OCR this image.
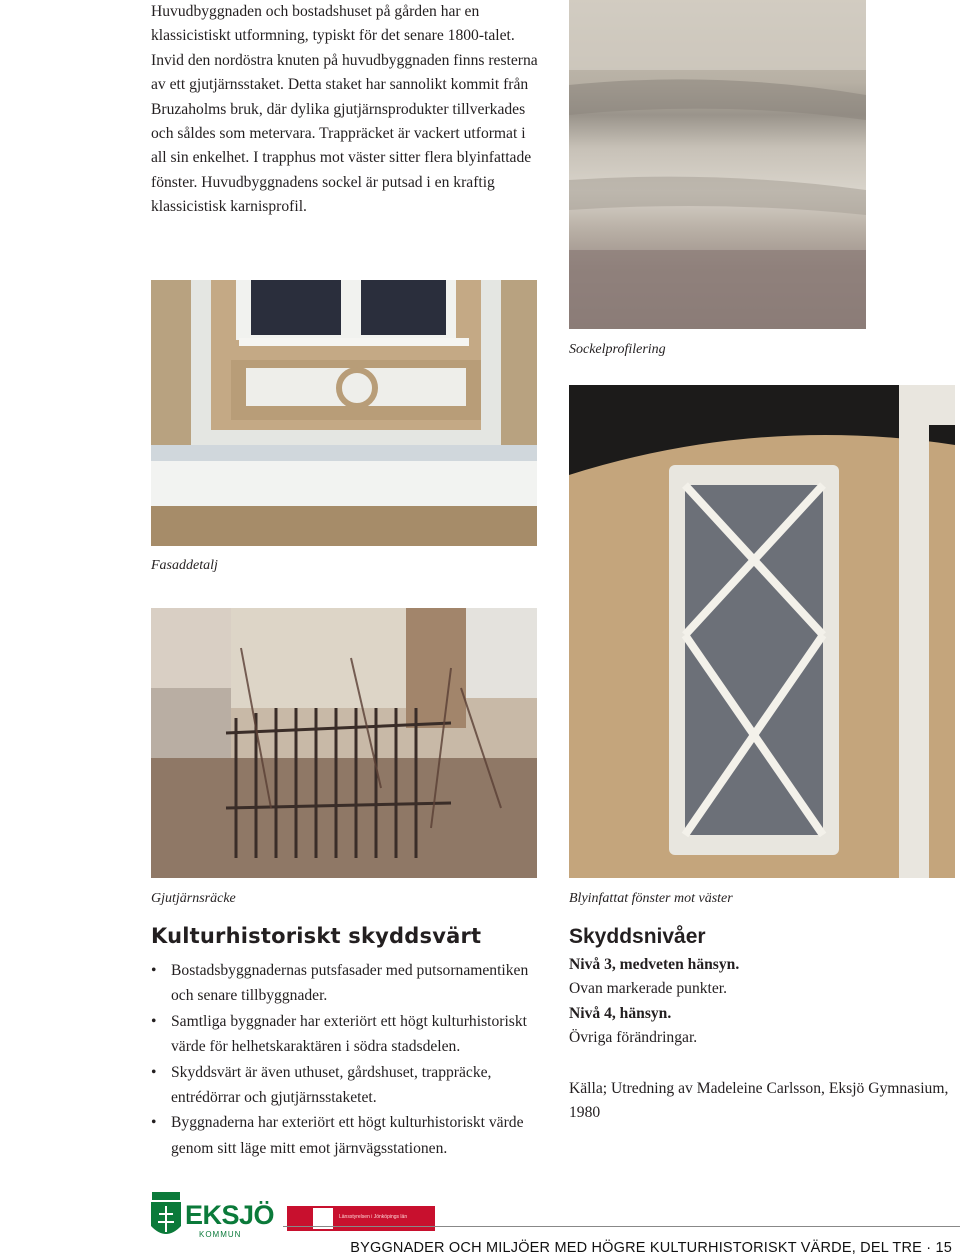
Huvudbyggnaden och bostadshuset på gården har en klassicistiskt utformning, typiskt för det senare 1800-talet.

Invid den nordöstra knuten på huvudbyggnaden finns resterna av ett gjutjärnsstaket. Detta staket har sannolikt kommit från Bruzaholms bruk, där dylika gjutjärnsprodukter tillverkades och såldes som metervara. Trappräcket är vackert utformat i all sin enkelhet. I trapphus mot väster sitter flera blyinfattade fönster. Huvudbyggnadens sockel är putsad i en kraftig klassicistisk karnisprofil.

Sockelprofilering
Fasaddetalj
Gjutjärnsräcke	Blyinfattat fönster mot väster
Kulturhistoriskt skyddsvärt
• Bostadsbyggnadernas putsfasader med putsornamentiken och senare tillbyggnader.
• Samtliga byggnader har exteriört ett högt kulturhistoriskt värde för helhetskaraktären i södra stadsdelen.
• Skyddsvärt är även uthuset, gårdshuset, trappräcke, entrédörrar och gjutjärnsstaketet.
• Byggnaderna har exteriört ett högt kulturhistoriskt värde genom sitt läge mitt emot järnvägsstationen.
Skyddsnivåer
Nivå 3, medveten hänsyn.
Ovan markerade punkter.
Nivå 4, hänsyn.
Övriga förändringar.
Källa; Utredning av Madeleine Carlsson, Eksjö Gymnasium, 1980
EKSJÖ
KOMMUN
Länsstyrelsen i Jönköpings län
BYGGNADER OCH MILJÖER MED HÖGRE KULTURHISTORISKT VÄRDE, DEL TRE · 15
